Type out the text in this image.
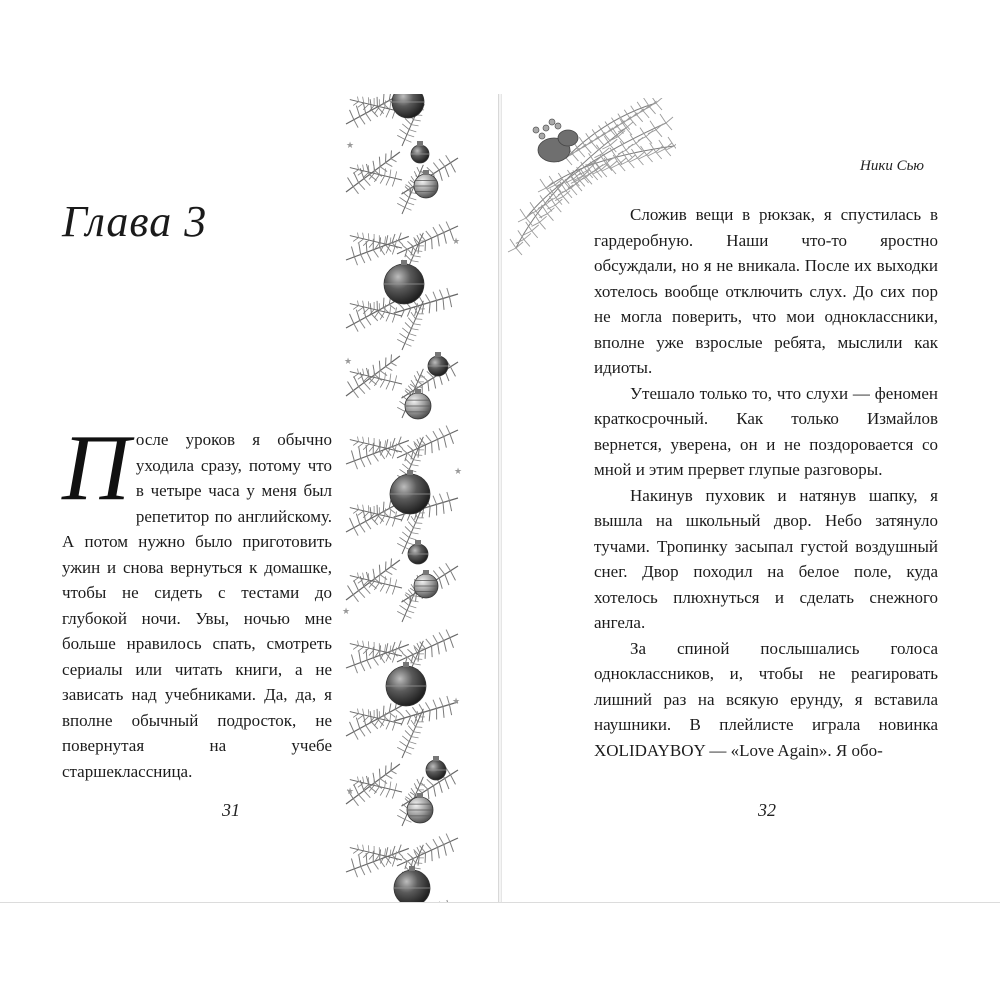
Глава 3
П осле уроков я обычно уходила сразу, потому что в четыре часа у меня был репетитор по английскому. А потом нужно было приготовить ужин и снова вернуться к домашке, чтобы не сидеть с тестами до глубокой ночи. Увы, ночью мне больше нравилось спать, смотреть сериалы или читать книги, а не зависать над учебниками. Да, да, я вполне обычный подросток, не повернутая на учебе старшеклассница.
31
★
★
★
★
★
★
★
Ники Сью

Сложив вещи в рюкзак, я спустилась в гардеробную. Наши что-то яростно обсуждали, но я не вникала. После их выходки хотелось вообще отключить слух. До сих пор не могла поверить, что мои одноклассники, вполне уже взрослые ребята, мыслили как идиоты.

Утешало только то, что слухи — феномен краткосрочный. Как только Измайлов вернется, уверена, он и не поздоровается со мной и этим прервет глупые разговоры.

Накинув пуховик и натянув шапку, я вышла на школьный двор. Небо затянуло тучами. Тропинку засыпал густой воздушный снег. Двор походил на белое поле, куда хотелось плюхнуться и сделать снежного ангела.

За спиной послышались голоса одноклассников, и, чтобы не реагировать лишний раз на всякую ерунду, я вставила наушники. В плейлисте играла новинка XOLIDAYBOY — «Love Again». Я обо-

32
